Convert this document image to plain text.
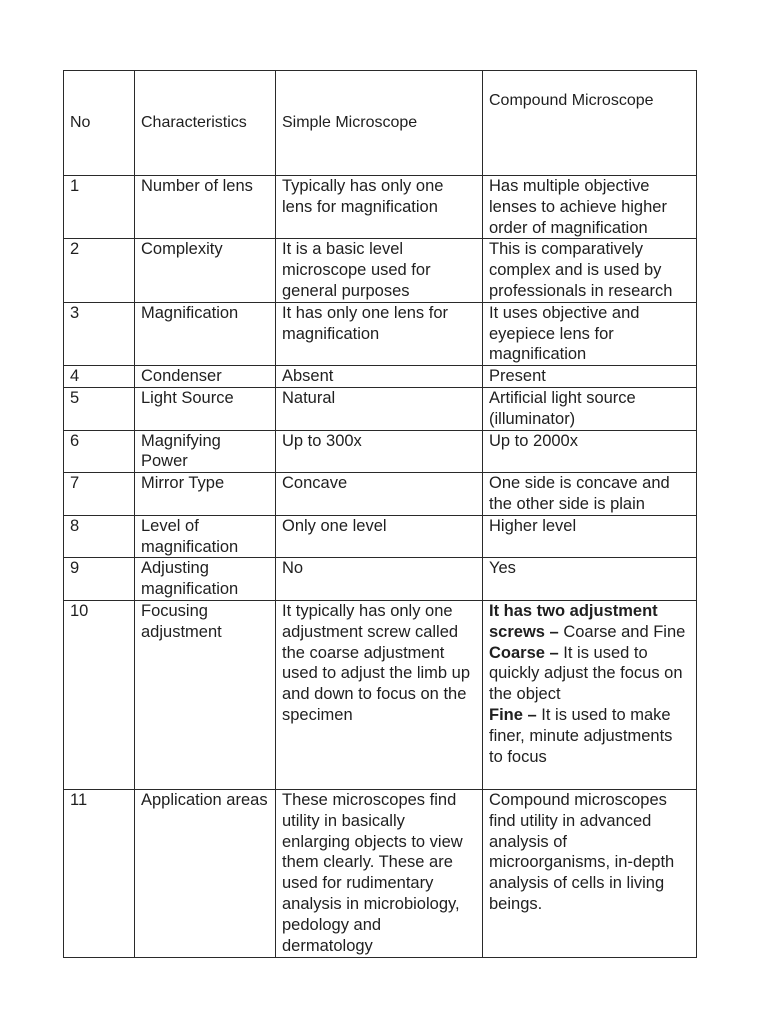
No	Characteristics	Simple Microscope	Compound Microscope
1	Number of lens	Typically has only one lens for magnification	Has multiple objective lenses to achieve higher order of magnification
2	Complexity	It is a basic level microscope used for general purposes	This is comparatively complex and is used by professionals in research
3	Magnification	It has only one lens for magnification	It uses objective and eyepiece lens for magnification
4	Condenser	Absent	Present
5	Light Source	Natural	Artificial light source (illuminator)
6	Magnifying Power	Up to 300x	Up to 2000x
7	Mirror Type	Concave	One side is concave and the other side is plain
8	Level of magnification	Only one level	Higher level
9	Adjusting magnification	No	Yes
10	Focusing adjustment	It typically has only one adjustment screw called the coarse adjustment used to adjust the limb up and down to focus on the specimen	It has two adjustment screws – Coarse and Fine
Coarse – It is used to quickly adjust the focus on the object
Fine – It is used to make finer, minute adjustments to focus

11	Application areas	These microscopes find utility in basically enlarging objects to view them clearly. These are used for rudimentary analysis in microbiology, pedology and dermatology	Compound microscopes find utility in advanced analysis of microorganisms, in-depth analysis of cells in living beings.
